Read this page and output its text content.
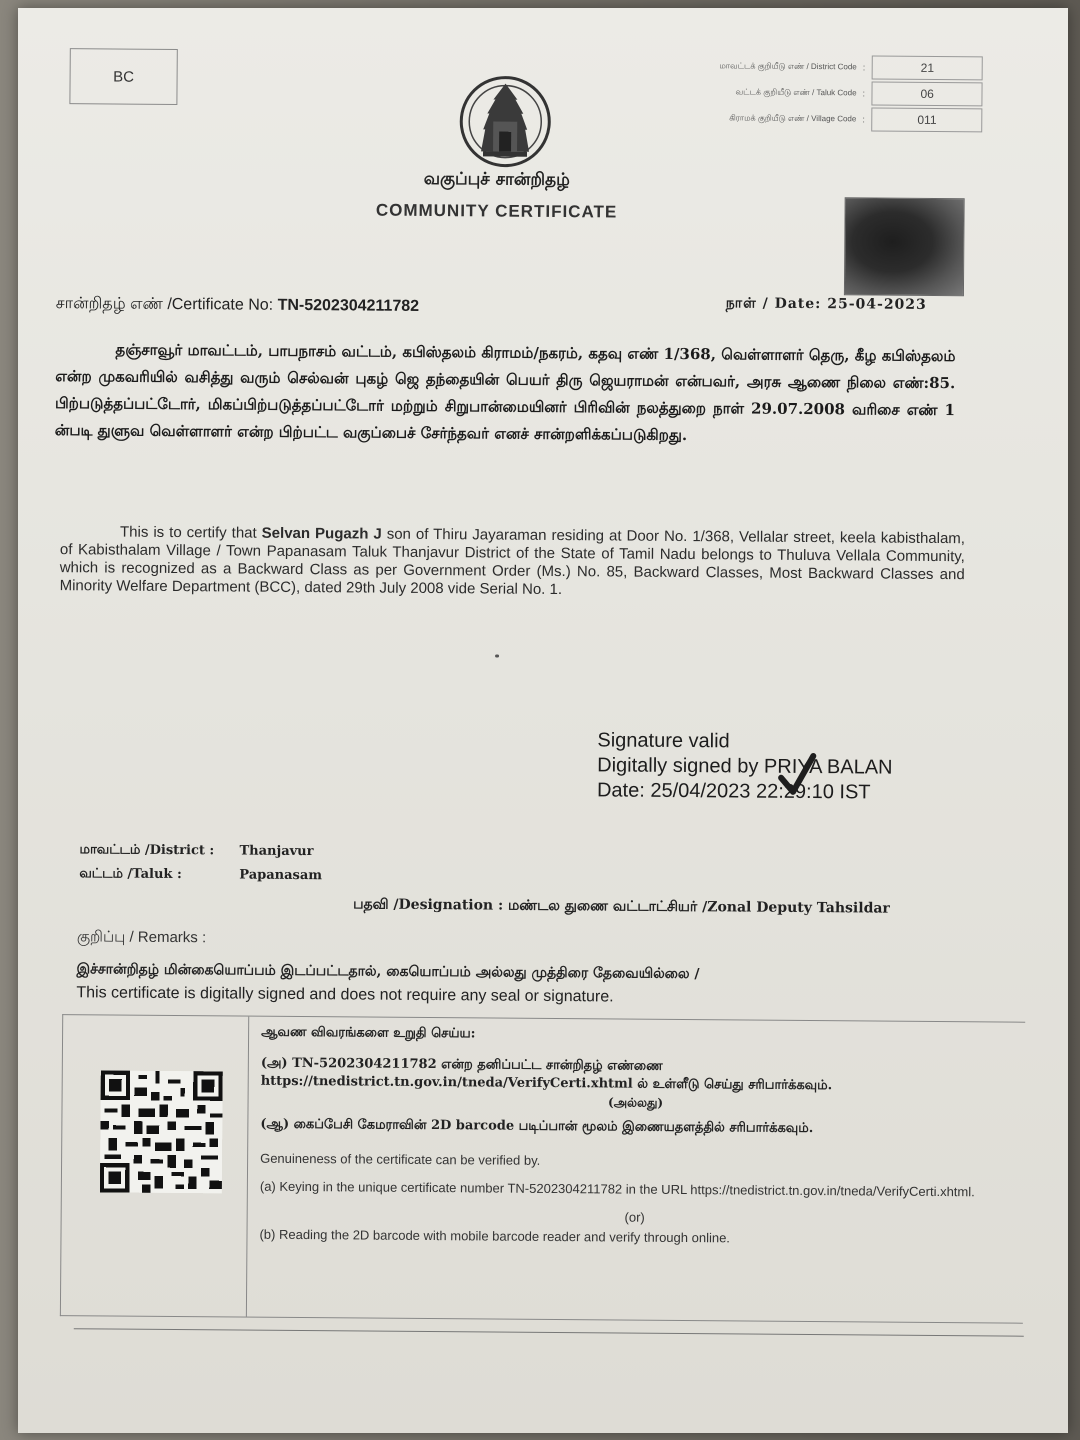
BC
மாவட்டக் குறியீடு எண் / District Code :	21
வட்டக் குறியீடு எண் / Taluk Code :	06
கிராமக் குறியீடு எண் / Village Code :	011
வகுப்புச் சான்றிதழ்
COMMUNITY CERTIFICATE
சான்றிதழ் எண் /Certificate No: TN-5202304211782	நாள் / Date: 25-04-2023

தஞ்சாவூர் மாவட்டம், பாபநாசம் வட்டம், கபிஸ்தலம் கிராமம்/நகரம், கதவு எண் 1/368, வெள்ளாளர் தெரு, கீழ கபிஸ்தலம் என்ற முகவரியில் வசித்து வரும் செல்வன் புகழ் ஜெ தந்தையின் பெயர் திரு ஜெயராமன் என்பவர், அரசு ஆணை நிலை எண்:85. பிற்படுத்தப்பட்டோர், மிகப்பிற்படுத்தப்பட்டோர் மற்றும் சிறுபான்மையினர் பிரிவின் நலத்துறை நாள் 29.07.2008 வரிசை எண் 1 ன்படி துளுவ வெள்ளாளர் என்ற பிற்பட்ட வகுப்பைச் சேர்ந்தவர் எனச் சான்றளிக்கப்படுகிறது.

This is to certify that Selvan Pugazh J son of Thiru Jayaraman residing at Door No. 1/368, Vellalar street, keela kabisthalam, of Kabisthalam Village / Town Papanasam Taluk Thanjavur District of the State of Tamil Nadu belongs to Thuluva Vellala Community, which is recognized as a Backward Class as per Government Order (Ms.) No. 85, Backward Classes, Most Backward Classes and Minority Welfare Department (BCC), dated 29th July 2008 vide Serial No. 1.

Signature valid
Digitally signed by PRIYA BALAN
Date: 25/04/2023 22:29:10 IST
மாவட்டம் /District : Thanjavur
வட்டம் /Taluk :	Papanasam
பதவி /Designation : மண்டல துணை வட்டாட்சியர் /Zonal Deputy Tahsildar
குறிப்பு / Remarks :
இச்சான்றிதழ் மின்கையொப்பம் இடப்பட்டதால், கையொப்பம் அல்லது முத்திரை தேவையில்லை /
This certificate is digitally signed and does not require any seal or signature.
ஆவண விவரங்களை உறுதி செய்ய:
(அ) TN-5202304211782 என்ற தனிப்பட்ட சான்றிதழ் எண்ணை https://tnedistrict.tn.gov.in/tneda/VerifyCerti.xhtml ல் உள்ளீடு செய்து சரிபார்க்கவும்.
(அல்லது)
(ஆ) கைப்பேசி கேமராவின் 2D barcode படிப்பான் மூலம் இணையதளத்தில் சரிபார்க்கவும்.
Genuineness of the certificate can be verified by.
(a) Keying in the unique certificate number TN-5202304211782 in the URL https://tnedistrict.tn.gov.in/tneda/VerifyCerti.xhtml.
(or)
(b) Reading the 2D barcode with mobile barcode reader and verify through online.
